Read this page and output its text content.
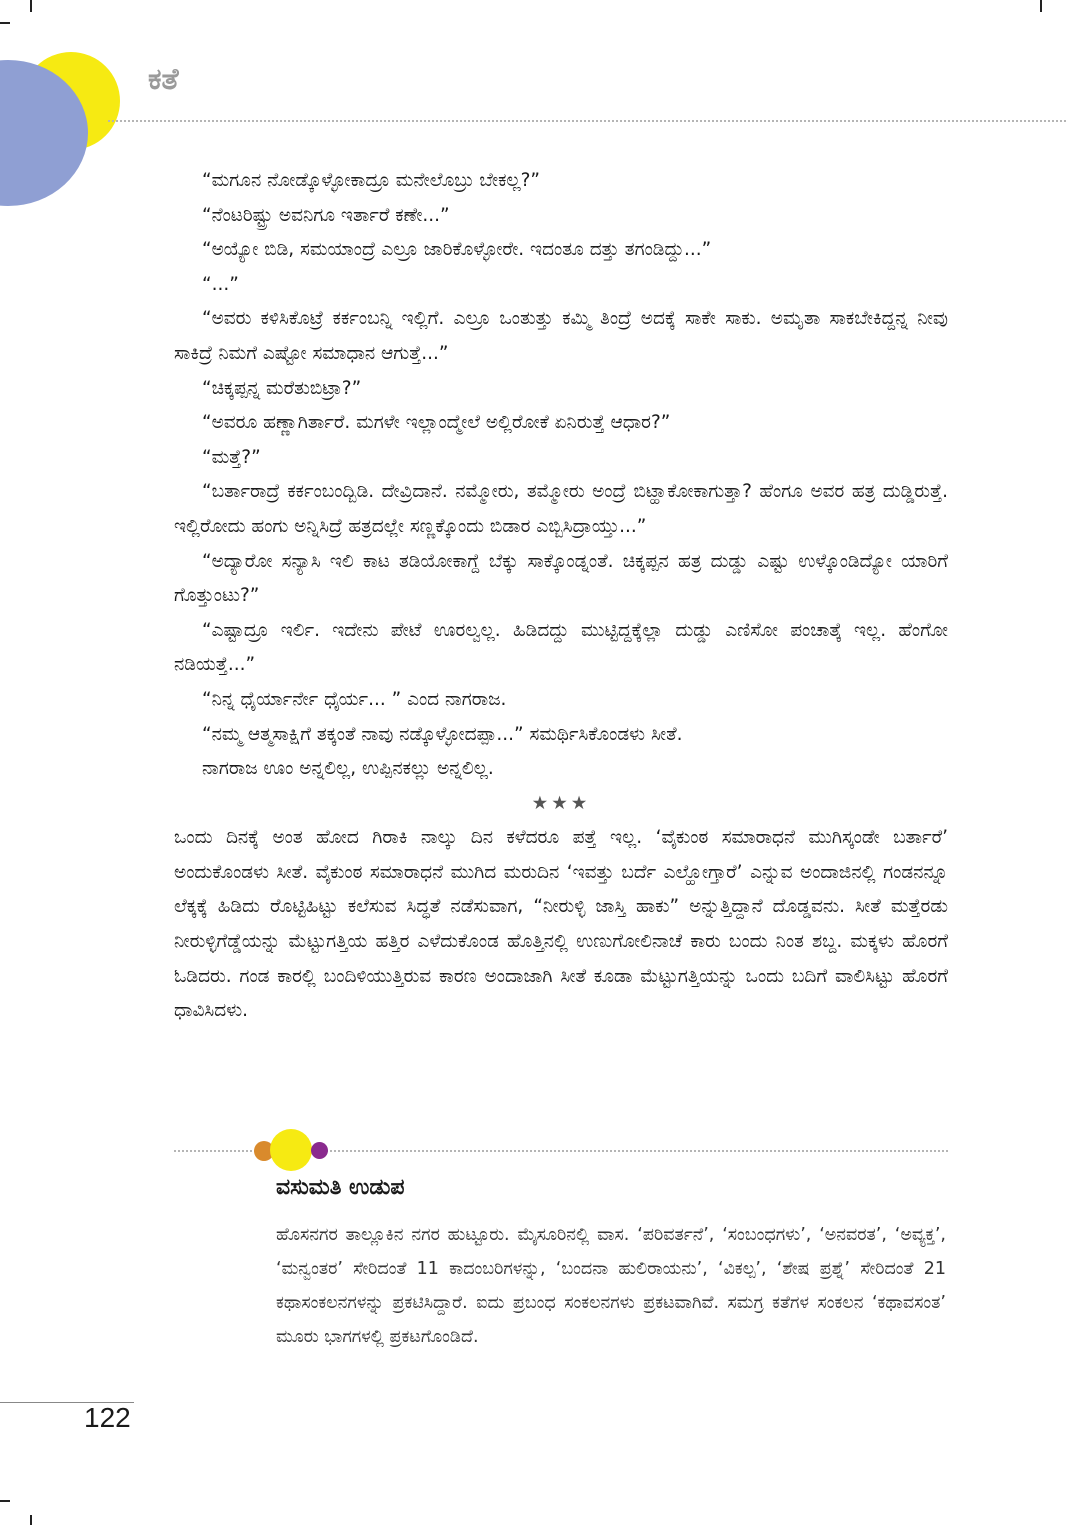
ಕತೆ

“ಮಗೂನ ನೋಡ್ಕೊಳ್ಳೋಕಾದ್ರೂ ಮನೇಲೊಬ್ರು ಬೇಕಲ್ಲ?”

“ನೆಂಟರಿಷ್ಟ್ರು ಅವನಿಗೂ ಇರ್ತಾರೆ ಕಣೇ...”

“ಅಯ್ಯೋ ಬಿಡಿ, ಸಮಯಾಂದ್ರೆ ಎಲ್ರೂ ಜಾರಿಕೊಳ್ಳೋರೇ. ಇದಂತೂ ದತ್ತು ತಗಂಡಿದ್ದು...”

“...”

“ಅವರು ಕಳಿಸಿಕೊಟ್ರೆ ಕರ್ಕಂಬನ್ನಿ ಇಲ್ಲಿಗೆ. ಎಲ್ರೂ ಒಂತುತ್ತು ಕಮ್ಮಿ ತಿಂದ್ರೆ ಅದಕ್ಕೆ ಸಾಕೇ ಸಾಕು. ಅಮೃತಾ ಸಾಕಬೇಕಿದ್ದನ್ನ ನೀವು ಸಾಕಿದ್ರೆ ನಿಮಗೆ ಎಷ್ಟೋ ಸಮಾಧಾನ ಆಗುತ್ತೆ...”

“ಚಿಕ್ಕಪ್ಪನ್ನ ಮರೆತುಬಿಟ್ರಾ?”

“ಅವರೂ ಹಣ್ಣಾಗಿರ್ತಾರೆ. ಮಗಳೇ ಇಲ್ಲಾಂದ್ಮೇಲೆ ಅಲ್ಲಿರೋಕೆ ಏನಿರುತ್ತೆ ಆಧಾರ?”

“ಮತ್ತೆ?”

“ಬರ್ತಾರಾದ್ರೆ ಕರ್ಕಂಬಂದ್ಬಿಡಿ. ದೇವ್ರಿದಾನೆ. ನಮ್ಮೋರು, ತಮ್ಮೋರು ಅಂದ್ರೆ ಬಿಟ್ಹಾಕೋಕಾಗುತ್ತಾ? ಹೆಂಗೂ ಅವರ ಹತ್ರ ದುಡ್ಡಿರುತ್ತೆ. ಇಲ್ಲಿರೋದು ಹಂಗು ಅನ್ನಿಸಿದ್ರೆ ಹತ್ರದಲ್ಲೇ ಸಣ್ಣಕ್ಕೊಂದು ಬಿಡಾರ ಎಬ್ಬಿಸಿದ್ರಾಯ್ತು...”

“ಅದ್ಯಾರೋ ಸನ್ಯಾಸಿ ಇಲಿ ಕಾಟ ತಡಿಯೋಕಾಗ್ದೆ ಬೆಕ್ಕು ಸಾಕ್ಕೊಂಡ್ನಂತೆ. ಚಿಕ್ಕಪ್ಪನ ಹತ್ರ ದುಡ್ಡು ಎಷ್ಟು ಉಳ್ಕೊಂಡಿದ್ಯೋ ಯಾರಿಗೆ ಗೊತ್ತುಂಟು?”

“ಎಷ್ಟಾದ್ರೂ ಇರ್ಲಿ. ಇದೇನು ಪೇಟೆ ಊರಲ್ವಲ್ಲ. ಹಿಡಿದದ್ದು ಮುಟ್ಟಿದ್ದಕ್ಕೆಲ್ಲಾ ದುಡ್ಡು ಎಣಿಸೋ ಪಂಚಾತ್ಕೆ ಇಲ್ಲ. ಹೆಂಗೋ ನಡಿಯತ್ತೆ...”

“ನಿನ್ನ ಧೈರ್ಯಾರ್ನೇ ಧೈರ್ಯ... ” ಎಂದ ನಾಗರಾಜ.

“ನಮ್ಮ ಆತ್ಮಸಾಕ್ಷಿಗೆ ತಕ್ಕಂತೆ ನಾವು ನಡ್ಕೊಳ್ಳೋದಪ್ಪಾ...” ಸಮರ್ಥಿಸಿಕೊಂಡಳು ಸೀತೆ.

ನಾಗರಾಜ ಊಂ ಅನ್ನಲಿಲ್ಲ, ಉಪ್ಪಿನಕಲ್ಲು ಅನ್ನಲಿಲ್ಲ.

★★★

ಒಂದು ದಿನಕ್ಕೆ ಅಂತ ಹೋದ ಗಿರಾಕಿ ನಾಲ್ಕು ದಿನ ಕಳೆದರೂ ಪತ್ತೆ ಇಲ್ಲ. ‘ವೈಕುಂಠ ಸಮಾರಾಧನೆ ಮುಗಿಸ್ಕಂಡೇ ಬರ್ತಾರೆ’ ಅಂದುಕೊಂಡಳು ಸೀತೆ. ವೈಕುಂಠ ಸಮಾರಾಧನೆ ಮುಗಿದ ಮರುದಿನ ‘ಇವತ್ತು ಬರ್ದೆ ಎಲ್ಹೋಗ್ತಾರೆ’ ಎನ್ನುವ ಅಂದಾಜಿನಲ್ಲಿ ಗಂಡನನ್ನೂ ಲೆಕ್ಕಕ್ಕೆ ಹಿಡಿದು ರೊಟ್ಟಿಹಿಟ್ಟು ಕಲೆಸುವ ಸಿದ್ಧತೆ ನಡೆಸುವಾಗ, “ನೀರುಳ್ಳಿ ಜಾಸ್ತಿ ಹಾಕು” ಅನ್ನುತ್ತಿದ್ದಾನೆ ದೊಡ್ಡವನು. ಸೀತೆ ಮತ್ತೆರಡು ನೀರುಳ್ಳಿಗೆಡ್ಡೆಯನ್ನು ಮೆಟ್ಟುಗತ್ತಿಯ ಹತ್ತಿರ ಎಳೆದುಕೊಂಡ ಹೊತ್ತಿನಲ್ಲಿ ಉಣುಗೋಲಿನಾಚೆ ಕಾರು ಬಂದು ನಿಂತ ಶಬ್ದ. ಮಕ್ಕಳು ಹೊರಗೆ ಓಡಿದರು. ಗಂಡ ಕಾರಲ್ಲಿ ಬಂದಿಳಿಯುತ್ತಿರುವ ಕಾರಣ ಅಂದಾಜಾಗಿ ಸೀತೆ ಕೂಡಾ ಮೆಟ್ಟುಗತ್ತಿಯನ್ನು ಒಂದು ಬದಿಗೆ ವಾಲಿಸಿಟ್ಟು ಹೊರಗೆ ಧಾವಿಸಿದಳು.

ವಸುಮತಿ ಉಡುಪ

ಹೊಸನಗರ ತಾಲ್ಲೂಕಿನ ನಗರ ಹುಟ್ಟೂರು. ಮೈಸೂರಿನಲ್ಲಿ ವಾಸ. ‘ಪರಿವರ್ತನೆ’, ‘ಸಂಬಂಧಗಳು’, ‘ಅನವರತ’, ‘ಅವ್ಯಕ್ತ’, ‘ಮನ್ವಂತರ’ ಸೇರಿದಂತೆ 11 ಕಾದಂಬರಿಗಳನ್ನು, ‘ಬಂದನಾ ಹುಲಿರಾಯನು’, ‘ವಿಕಲ್ಪ’, ‘ಶೇಷ ಪ್ರಶ್ನೆ’ ಸೇರಿದಂತೆ 21 ಕಥಾಸಂಕಲನಗಳನ್ನು ಪ್ರಕಟಿಸಿದ್ದಾರೆ. ಐದು ಪ್ರಬಂಧ ಸಂಕಲನಗಳು ಪ್ರಕಟವಾಗಿವೆ. ಸಮಗ್ರ ಕತೆಗಳ ಸಂಕಲನ ‘ಕಥಾವಸಂತ’ ಮೂರು ಭಾಗಗಳಲ್ಲಿ ಪ್ರಕಟಗೊಂಡಿದೆ.

122
